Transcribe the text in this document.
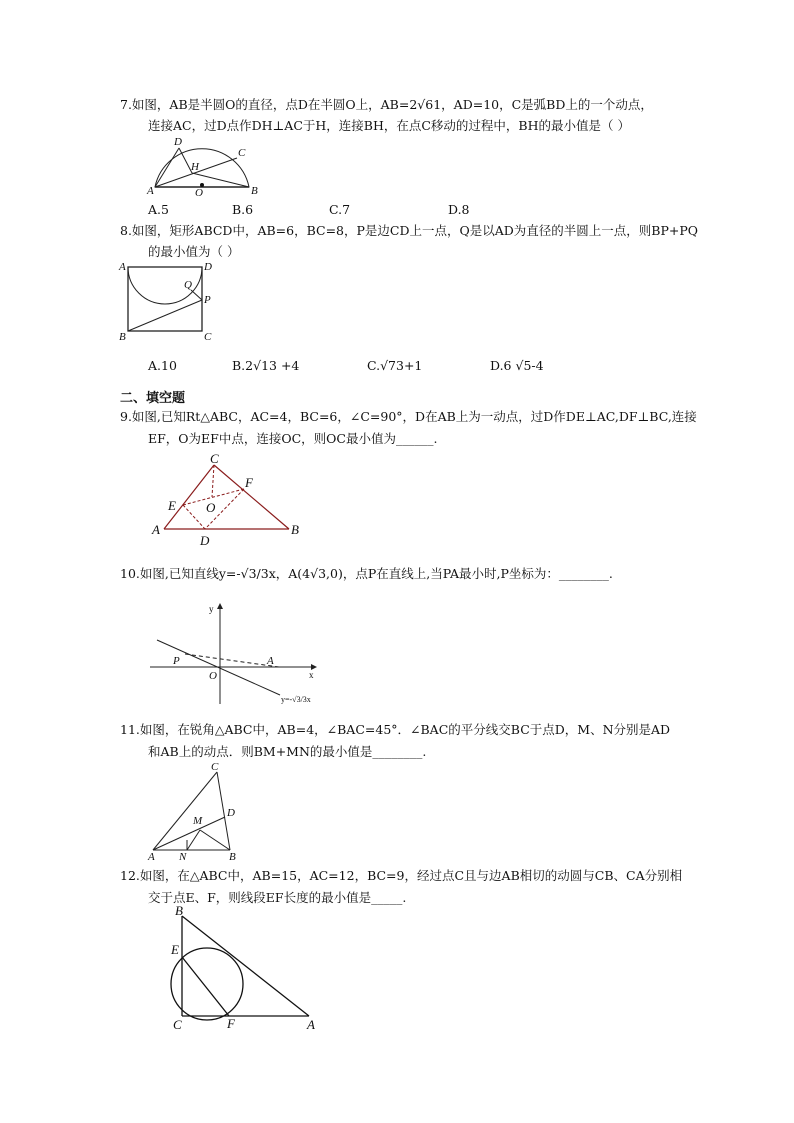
7.如图，AB是半圆O的直径，点D在半圆O上，AB=2√61，AD=10，C是弧BD上的一个动点，
连接AC，过D点作DH⊥AC于H，连接BH，在点C移动的过程中，BH的最小值是（ ）
A	B
C
D
H
O
A.5	B.6	C.7	D.8
8.如图，矩形ABCD中，AB=6，BC=8，P是边CD上一点，Q是以AD为直径的半圆上一点，则BP+PQ
的最小值为（ ）
A	D
B	C
P
Q
A.10	B.2√13 +4	C.√73+1	D.6 √5-4
二、填空题
9.如图,已知Rt△ABC，AC=4，BC=6，∠C=90°，D在AB上为一动点，过D作DE⊥AC,DF⊥BC,连接
EF，O为EF中点，连接OC，则OC最小值为______.
C
F
E O
A	B
D
10.如图,已知直线y=-√3/3x，A(4√3,0)，点P在直线上,当PA最小时,P坐标为：________.
y
x
O
P	A
y=-√3/3x
11.如图，在锐角△ABC中，AB=4，∠BAC=45°．∠BAC的平分线交BC于点D，M、N分别是AD
和AB上的动点．则BM+MN的最小值是________.
C
D
M
A N	B
12.如图，在△ABC中，AB=15，AC=12，BC=9，经过点C且与边AB相切的动圆与CB、CA分别相
交于点E、F，则线段EF长度的最小值是_____.
B
E
C	F	A
